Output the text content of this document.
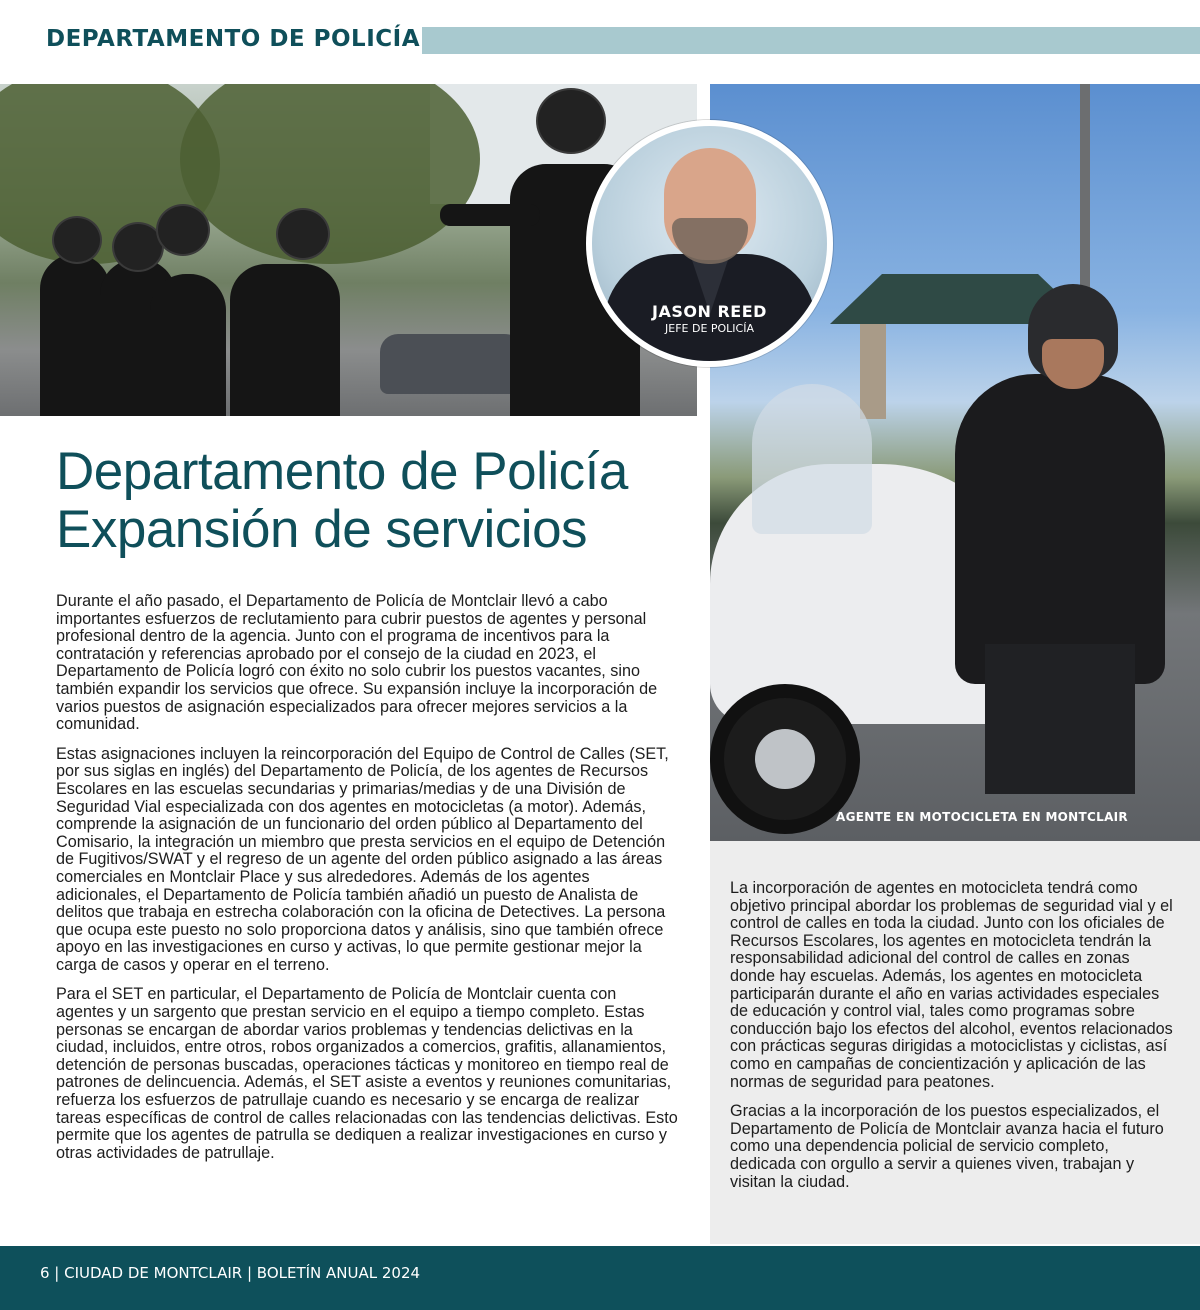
DEPARTAMENTO DE POLICÍA
AGENTE EN MOTOCICLETA EN MONTCLAIR
JASON REED
JEFE DE POLICÍA
Departamento de Policía
Expansión de servicios

Durante el año pasado, el Departamento de Policía de Montclair llevó a cabo importantes esfuerzos de reclutamiento para cubrir puestos de agentes y personal profesional dentro de la agencia. Junto con el programa de incentivos para la contratación y referencias aprobado por el consejo de la ciudad en 2023, el Departamento de Policía logró con éxito no solo cubrir los puestos vacantes, sino también expandir los servicios que ofrece. Su expansión incluye la incorporación de varios puestos de asignación especializados para ofrecer mejores servicios a la comunidad.

Estas asignaciones incluyen la reincorporación del Equipo de Control de Calles (SET, por sus siglas en inglés) del Departamento de Policía, de los agentes de Recursos Escolares en las escuelas secundarias y primarias/medias y de una División de Seguridad Vial especializada con dos agentes en motocicletas (a motor). Además, comprende la asignación de un funcionario del orden público al Departamento del Comisario, la integración un miembro que presta servicios en el equipo de Detención de Fugitivos/SWAT y el regreso de un agente del orden público asignado a las áreas comerciales en Montclair Place y sus alrededores. Además de los agentes adicionales, el Departamento de Policía también añadió un puesto de Analista de delitos que trabaja en estrecha colaboración con la oficina de Detectives. La persona que ocupa este puesto no solo proporciona datos y análisis, sino que también ofrece apoyo en las investigaciones en curso y activas, lo que permite gestionar mejor la carga de casos y operar en el terreno.

Para el SET en particular, el Departamento de Policía de Montclair cuenta con agentes y un sargento que prestan servicio en el equipo a tiempo completo. Estas personas se encargan de abordar varios problemas y tendencias delictivas en la ciudad, incluidos, entre otros, robos organizados a comercios, grafitis, allanamientos, detención de personas buscadas, operaciones tácticas y monitoreo en tiempo real de patrones de delincuencia. Además, el SET asiste a eventos y reuniones comunitarias, refuerza los esfuerzos de patrullaje cuando es necesario y se encarga de realizar tareas específicas de control de calles relacionadas con las tendencias delictivas. Esto permite que los agentes de patrulla se dediquen a realizar investigaciones en curso y otras actividades de patrullaje.

La incorporación de agentes en motocicleta tendrá como objetivo principal abordar los problemas de seguridad vial y el control de calles en toda la ciudad. Junto con los oficiales de Recursos Escolares, los agentes en motocicleta tendrán la responsabilidad adicional del control de calles en zonas donde hay escuelas. Además, los agentes en motocicleta participarán durante el año en varias actividades especiales de educación y control vial, tales como programas sobre conducción bajo los efectos del alcohol, eventos relacionados con prácticas seguras dirigidas a motociclistas y ciclistas, así como en campañas de concientización y aplicación de las normas de seguridad para peatones.

Gracias a la incorporación de los puestos especializados, el Departamento de Policía de Montclair avanza hacia el futuro como una dependencia policial de servicio completo, dedicada con orgullo a servir a quienes viven, trabajan y visitan la ciudad.

6 | CIUDAD DE MONTCLAIR | BOLETÍN ANUAL 2024
